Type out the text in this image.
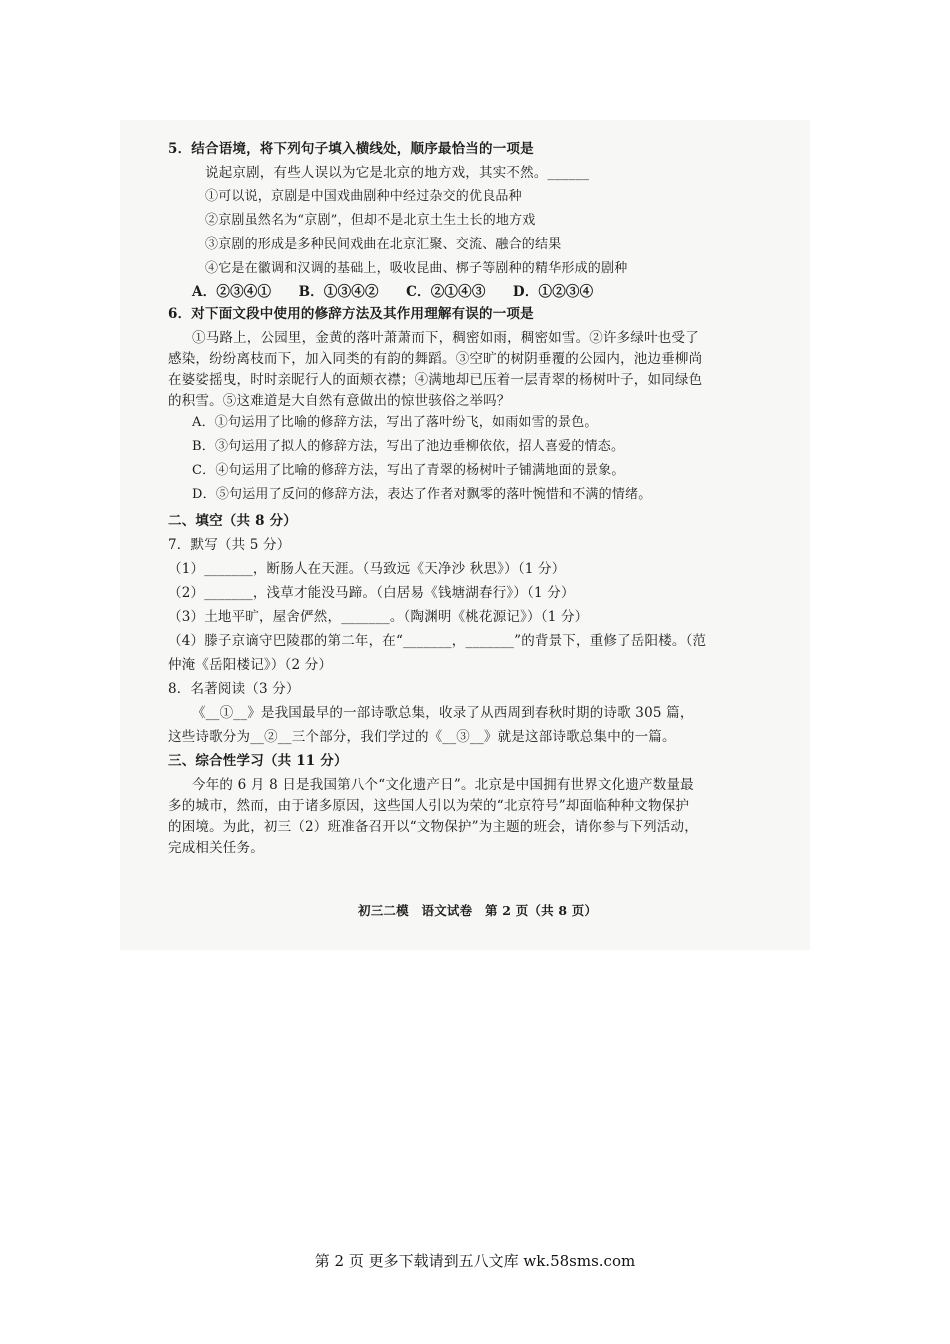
5．结合语境，将下列句子填入横线处，顺序最恰当的一项是
说起京剧，有些人误以为它是北京的地方戏，其实不然。______
①可以说，京剧是中国戏曲剧种中经过杂交的优良品种
②京剧虽然名为“京剧”，但却不是北京土生土长的地方戏
③京剧的形成是多种民间戏曲在北京汇聚、交流、融合的结果
④它是在徽调和汉调的基础上，吸收昆曲、梆子等剧种的精华形成的剧种
A．②③④①　　B．①③④②　　C．②①④③　　D．①②③④
6．对下面文段中使用的修辞方法及其作用理解有误的一项是
①马路上，公园里，金黄的落叶萧萧而下，稠密如雨，稠密如雪。②许多绿叶也受了
感染，纷纷离枝而下，加入同类的有韵的舞蹈。③空旷的树阴垂覆的公园内，池边垂柳尚
在婆娑摇曳，时时亲昵行人的面颊衣襟；④满地却已压着一层青翠的杨树叶子，如同绿色
的积雪。⑤这难道是大自然有意做出的惊世骇俗之举吗？
A．①句运用了比喻的修辞方法，写出了落叶纷飞，如雨如雪的景色。
B．③句运用了拟人的修辞方法，写出了池边垂柳依依，招人喜爱的情态。
C．④句运用了比喻的修辞方法，写出了青翠的杨树叶子铺满地面的景象。
D．⑤句运用了反问的修辞方法，表达了作者对飘零的落叶惋惜和不满的情绪。
二、填空（共 8 分）
7．默写（共 5 分）
（1）_______，断肠人在天涯。（马致远《天净沙 秋思》）（1 分）
（2）_______，浅草才能没马蹄。（白居易《钱塘湖春行》）（1 分）
（3）土地平旷，屋舍俨然，_______。（陶渊明《桃花源记》）（1 分）
（4）滕子京谪守巴陵郡的第二年，在“_______，_______”的背景下，重修了岳阳楼。（范
仲淹《岳阳楼记》）（2 分）
8．名著阅读（3 分）
《__①__》是我国最早的一部诗歌总集，收录了从西周到春秋时期的诗歌 305 篇，
这些诗歌分为__②__三个部分，我们学过的《__③__》就是这部诗歌总集中的一篇。
三、综合性学习（共 11 分）
今年的 6 月 8 日是我国第八个“文化遗产日”。北京是中国拥有世界文化遗产数量最
多的城市，然而，由于诸多原因，这些国人引以为荣的“北京符号”却面临种种文物保护
的困境。为此，初三（2）班准备召开以“文物保护”为主题的班会，请你参与下列活动，
完成相关任务。
初三二模　语文试卷　第 2 页（共 8 页）
第 2 页 更多下载请到五八文库 wk.58sms.com
